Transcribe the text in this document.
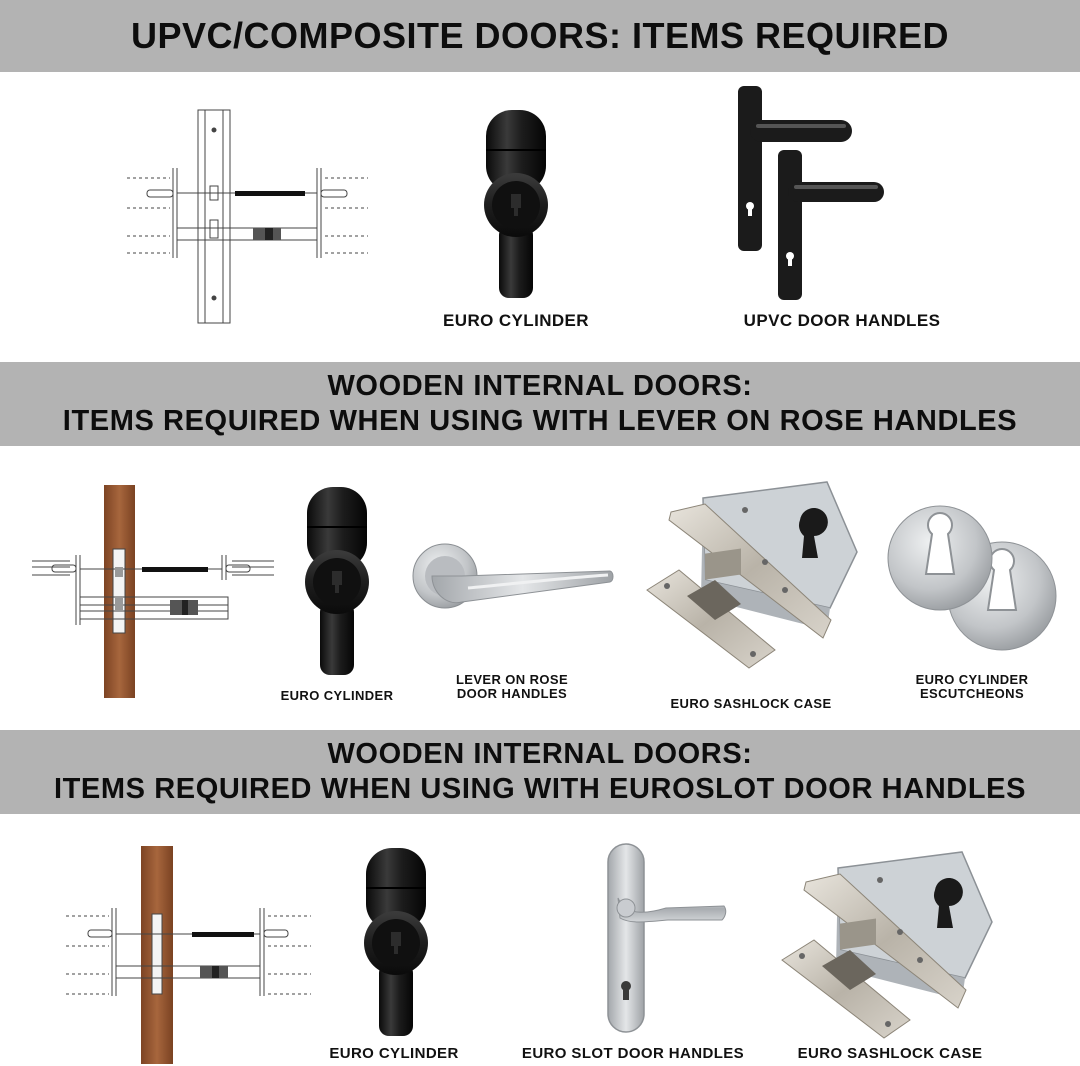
UPVC/COMPOSITE DOORS: ITEMS REQUIRED
EURO CYLINDER	UPVC DOOR HANDLES
WOODEN INTERNAL DOORS:
ITEMS REQUIRED WHEN USING WITH LEVER ON ROSE HANDLES
EURO CYLINDER
LEVER ON ROSE
DOOR HANDLES
EURO SASHLOCK CASE
EURO CYLINDER
ESCUTCHEONS
WOODEN INTERNAL DOORS:
ITEMS REQUIRED WHEN USING WITH EUROSLOT DOOR HANDLES
EURO CYLINDER	EURO SLOT DOOR HANDLES	EURO SASHLOCK CASE
